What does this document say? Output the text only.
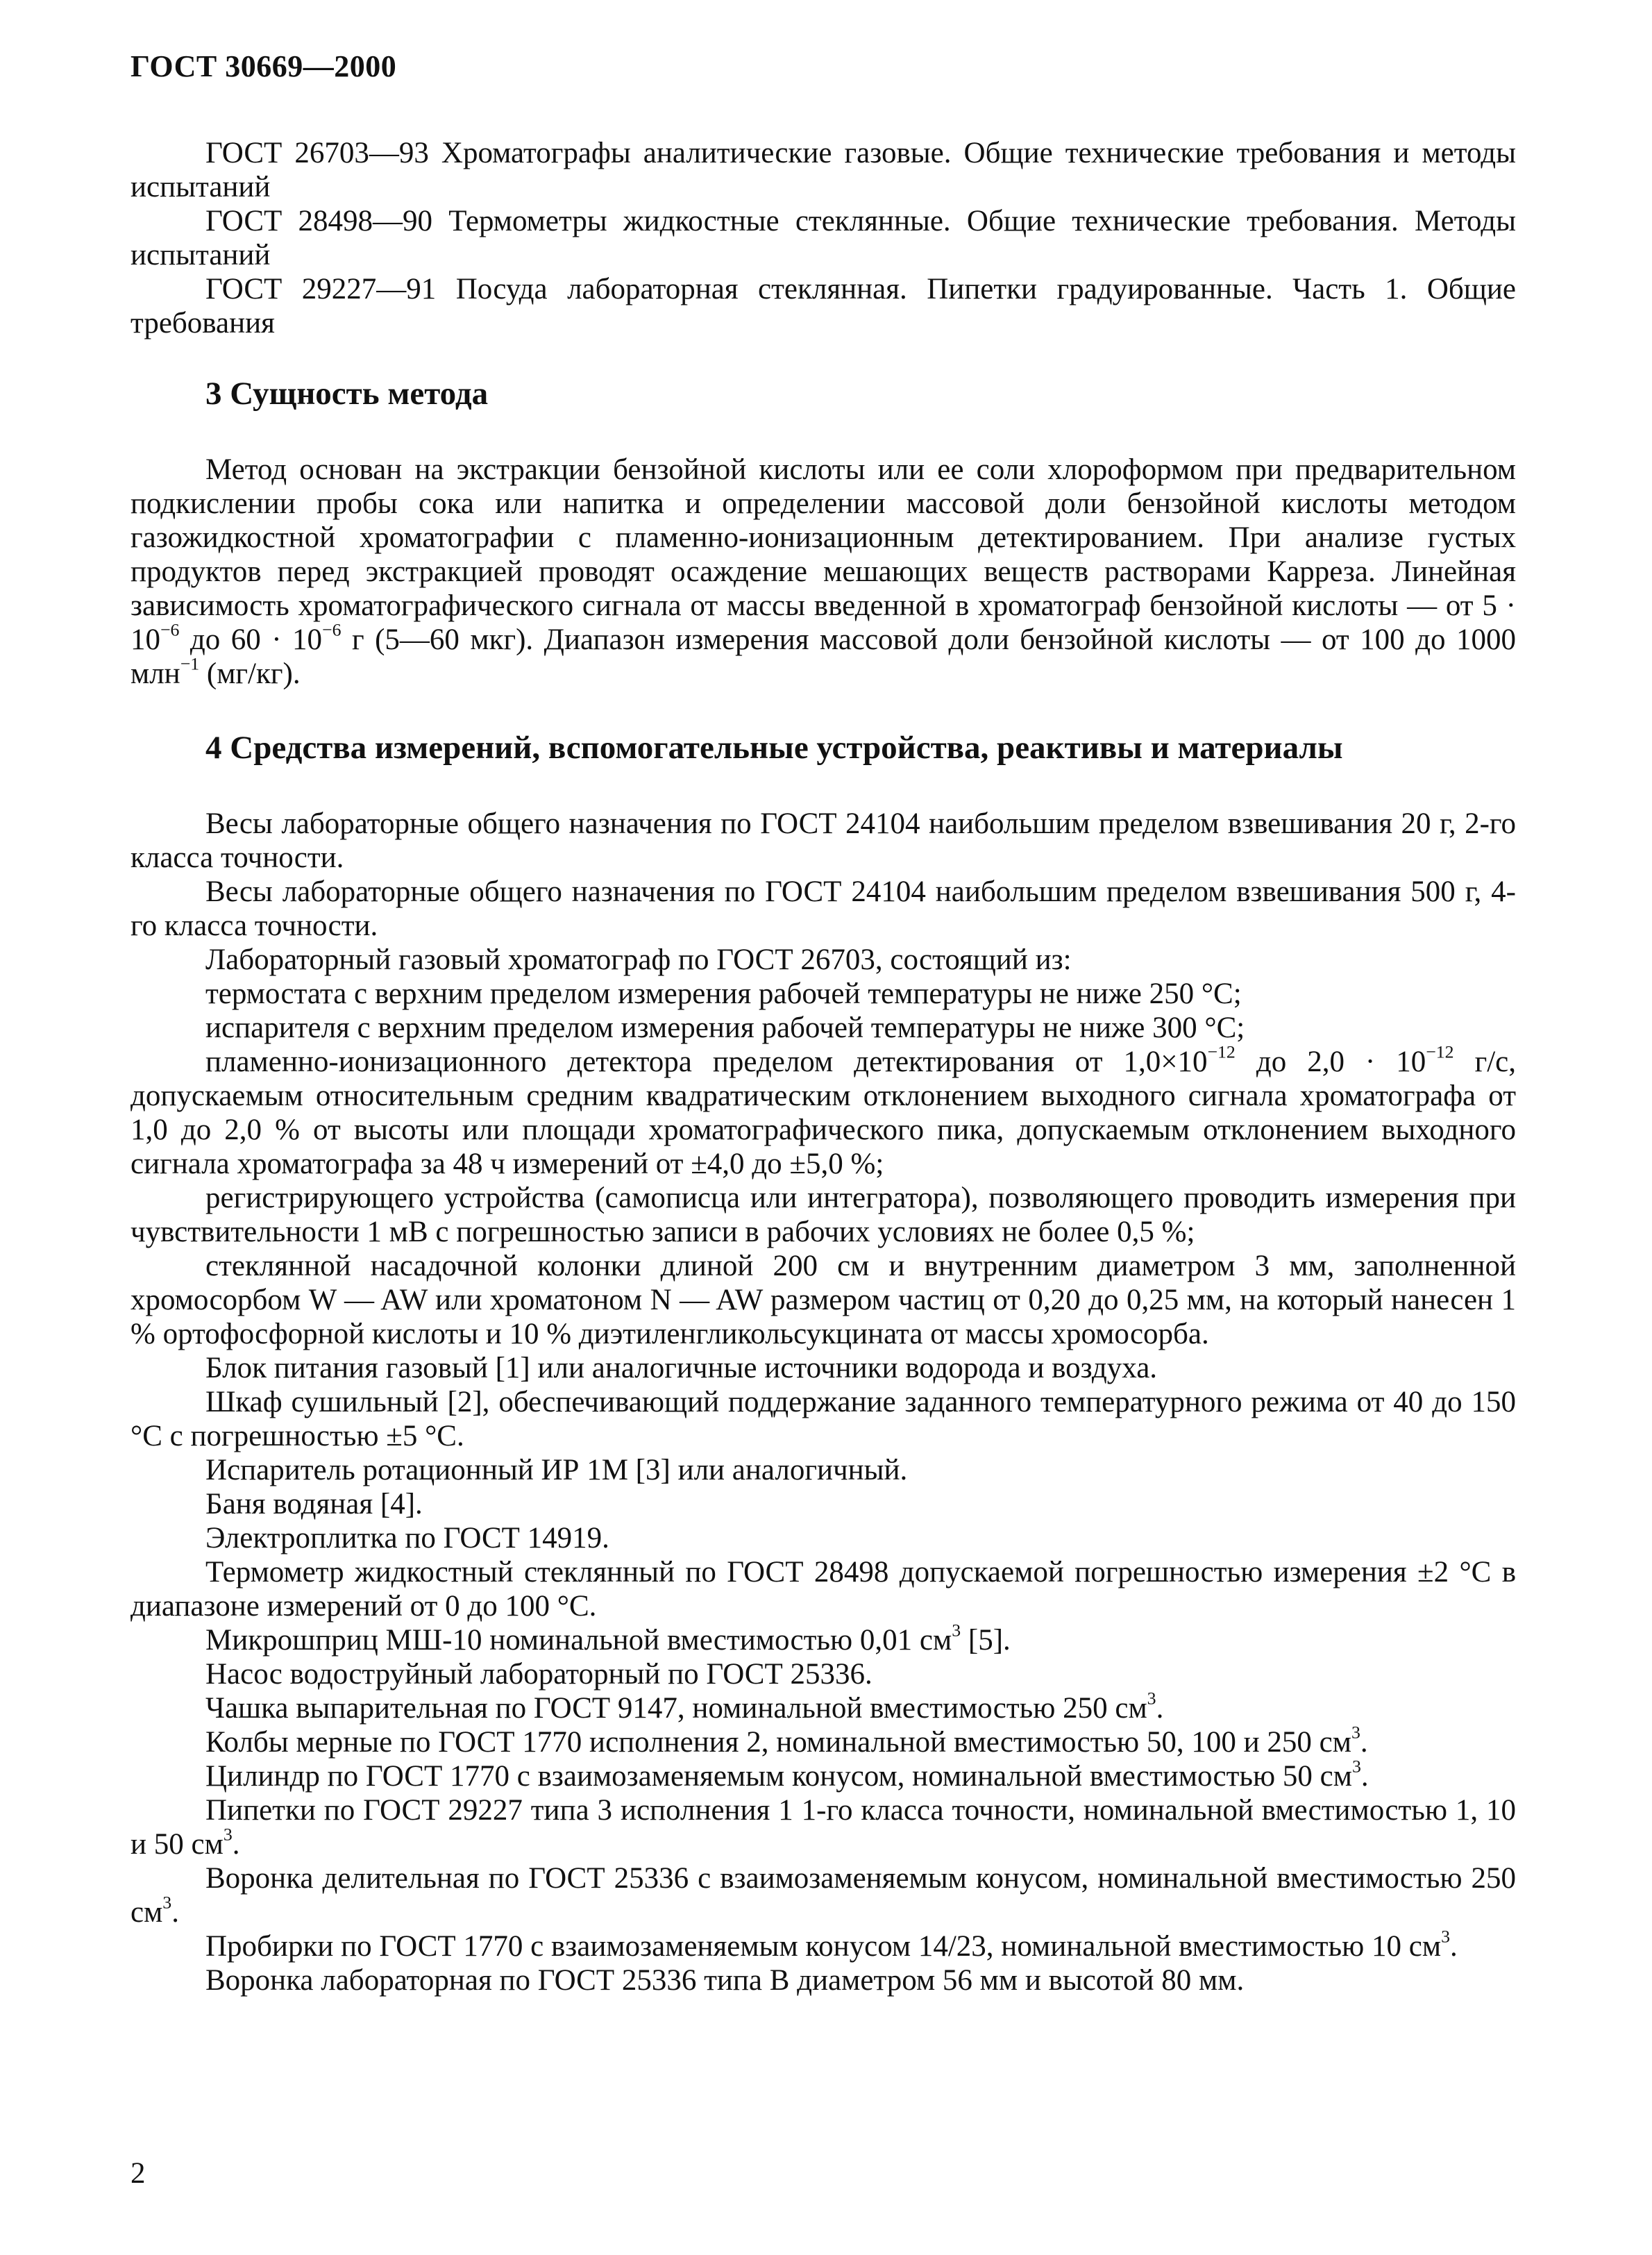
ГОСТ 30669—2000

ГОСТ 26703—93 Хроматографы аналитические газовые. Общие технические требования и методы испытаний

ГОСТ 28498—90 Термометры жидкостные стеклянные. Общие технические требования. Методы испытаний

ГОСТ 29227—91 Посуда лабораторная стеклянная. Пипетки градуированные. Часть 1. Общие требования

3 Сущность метода

Метод основан на экстракции бензойной кислоты или ее соли хлороформом при предварительном подкислении пробы сока или напитка и определении массовой доли бензойной кислоты методом газожидкостной хроматографии с пламенно-ионизационным детектированием. При анализе густых продуктов перед экстракцией проводят осаждение мешающих веществ растворами Карреза. Линейная зависимость хроматографического сигнала от массы введенной в хроматограф бензойной кислоты — от $5 \cdot 10^{-6}$ до $60 \cdot 10^{-6}$ г (5—60 мкг). Диапазон измерения массовой доли бензойной кислоты — от 100 до 1000 млн$^{-1}$ (мг/кг).

4 Средства измерений, вспомогательные устройства, реактивы и материалы

Весы лабораторные общего назначения по ГОСТ 24104 наибольшим пределом взвешивания 20 г, 2-го класса точности.

Весы лабораторные общего назначения по ГОСТ 24104 наибольшим пределом взвешивания 500 г, 4-го класса точности.

Лабораторный газовый хроматограф по ГОСТ 26703, состоящий из:

термостата с верхним пределом измерения рабочей температуры не ниже 250 °С;

испарителя с верхним пределом измерения рабочей температуры не ниже 300 °С;

пламенно-ионизационного детектора пределом детектирования от $1,0\times 10^{-12}$ до $2,0 \cdot 10^{-12}$ г/с, допускаемым относительным средним квадратическим отклонением выходного сигнала хроматографа от 1,0 до 2,0 % от высоты или площади хроматографического пика, допускаемым отклонением выходного сигнала хроматографа за 48 ч измерений от ±4,0 до ±5,0 %;

регистрирующего устройства (самописца или интегратора), позволяющего проводить измерения при чувствительности 1 мВ с погрешностью записи в рабочих условиях не более 0,5 %;

стеклянной насадочной колонки длиной 200 см и внутренним диаметром 3 мм, заполненной хромосорбом W — AW или хроматоном N — AW размером частиц от 0,20 до 0,25 мм, на который нанесен 1 % ортофосфорной кислоты и 10 % диэтиленгликольсукцината от массы хромосорба.

Блок питания газовый [1] или аналогичные источники водорода и воздуха.

Шкаф сушильный [2], обеспечивающий поддержание заданного температурного режима от 40 до 150 °С с погрешностью ±5 °С.

Испаритель ротационный ИР 1М [3] или аналогичный.

Баня водяная [4].

Электроплитка по ГОСТ 14919.

Термометр жидкостный стеклянный по ГОСТ 28498 допускаемой погрешностью измерения ±2 °С в диапазоне измерений от 0 до 100 °С.

Микрошприц МШ-10 номинальной вместимостью 0,01 $см^3$ [5].

Насос водоструйный лабораторный по ГОСТ 25336.

Чашка выпарительная по ГОСТ 9147, номинальной вместимостью 250 $см^3$.

Колбы мерные по ГОСТ 1770 исполнения 2, номинальной вместимостью 50, 100 и 250 $см^3$.

Цилиндр по ГОСТ 1770 с взаимозаменяемым конусом, номинальной вместимостью 50 $см^3$.

Пипетки по ГОСТ 29227 типа 3 исполнения 1 1-го класса точности, номинальной вместимостью 1, 10 и 50 $см^3$.

Воронка делительная по ГОСТ 25336 с взаимозаменяемым конусом, номинальной вместимостью 250 $см^3$.

Пробирки по ГОСТ 1770 с взаимозаменяемым конусом 14/23, номинальной вместимостью 10 $см^3$.

Воронка лабораторная по ГОСТ 25336 типа В диаметром 56 мм и высотой 80 мм.

2
